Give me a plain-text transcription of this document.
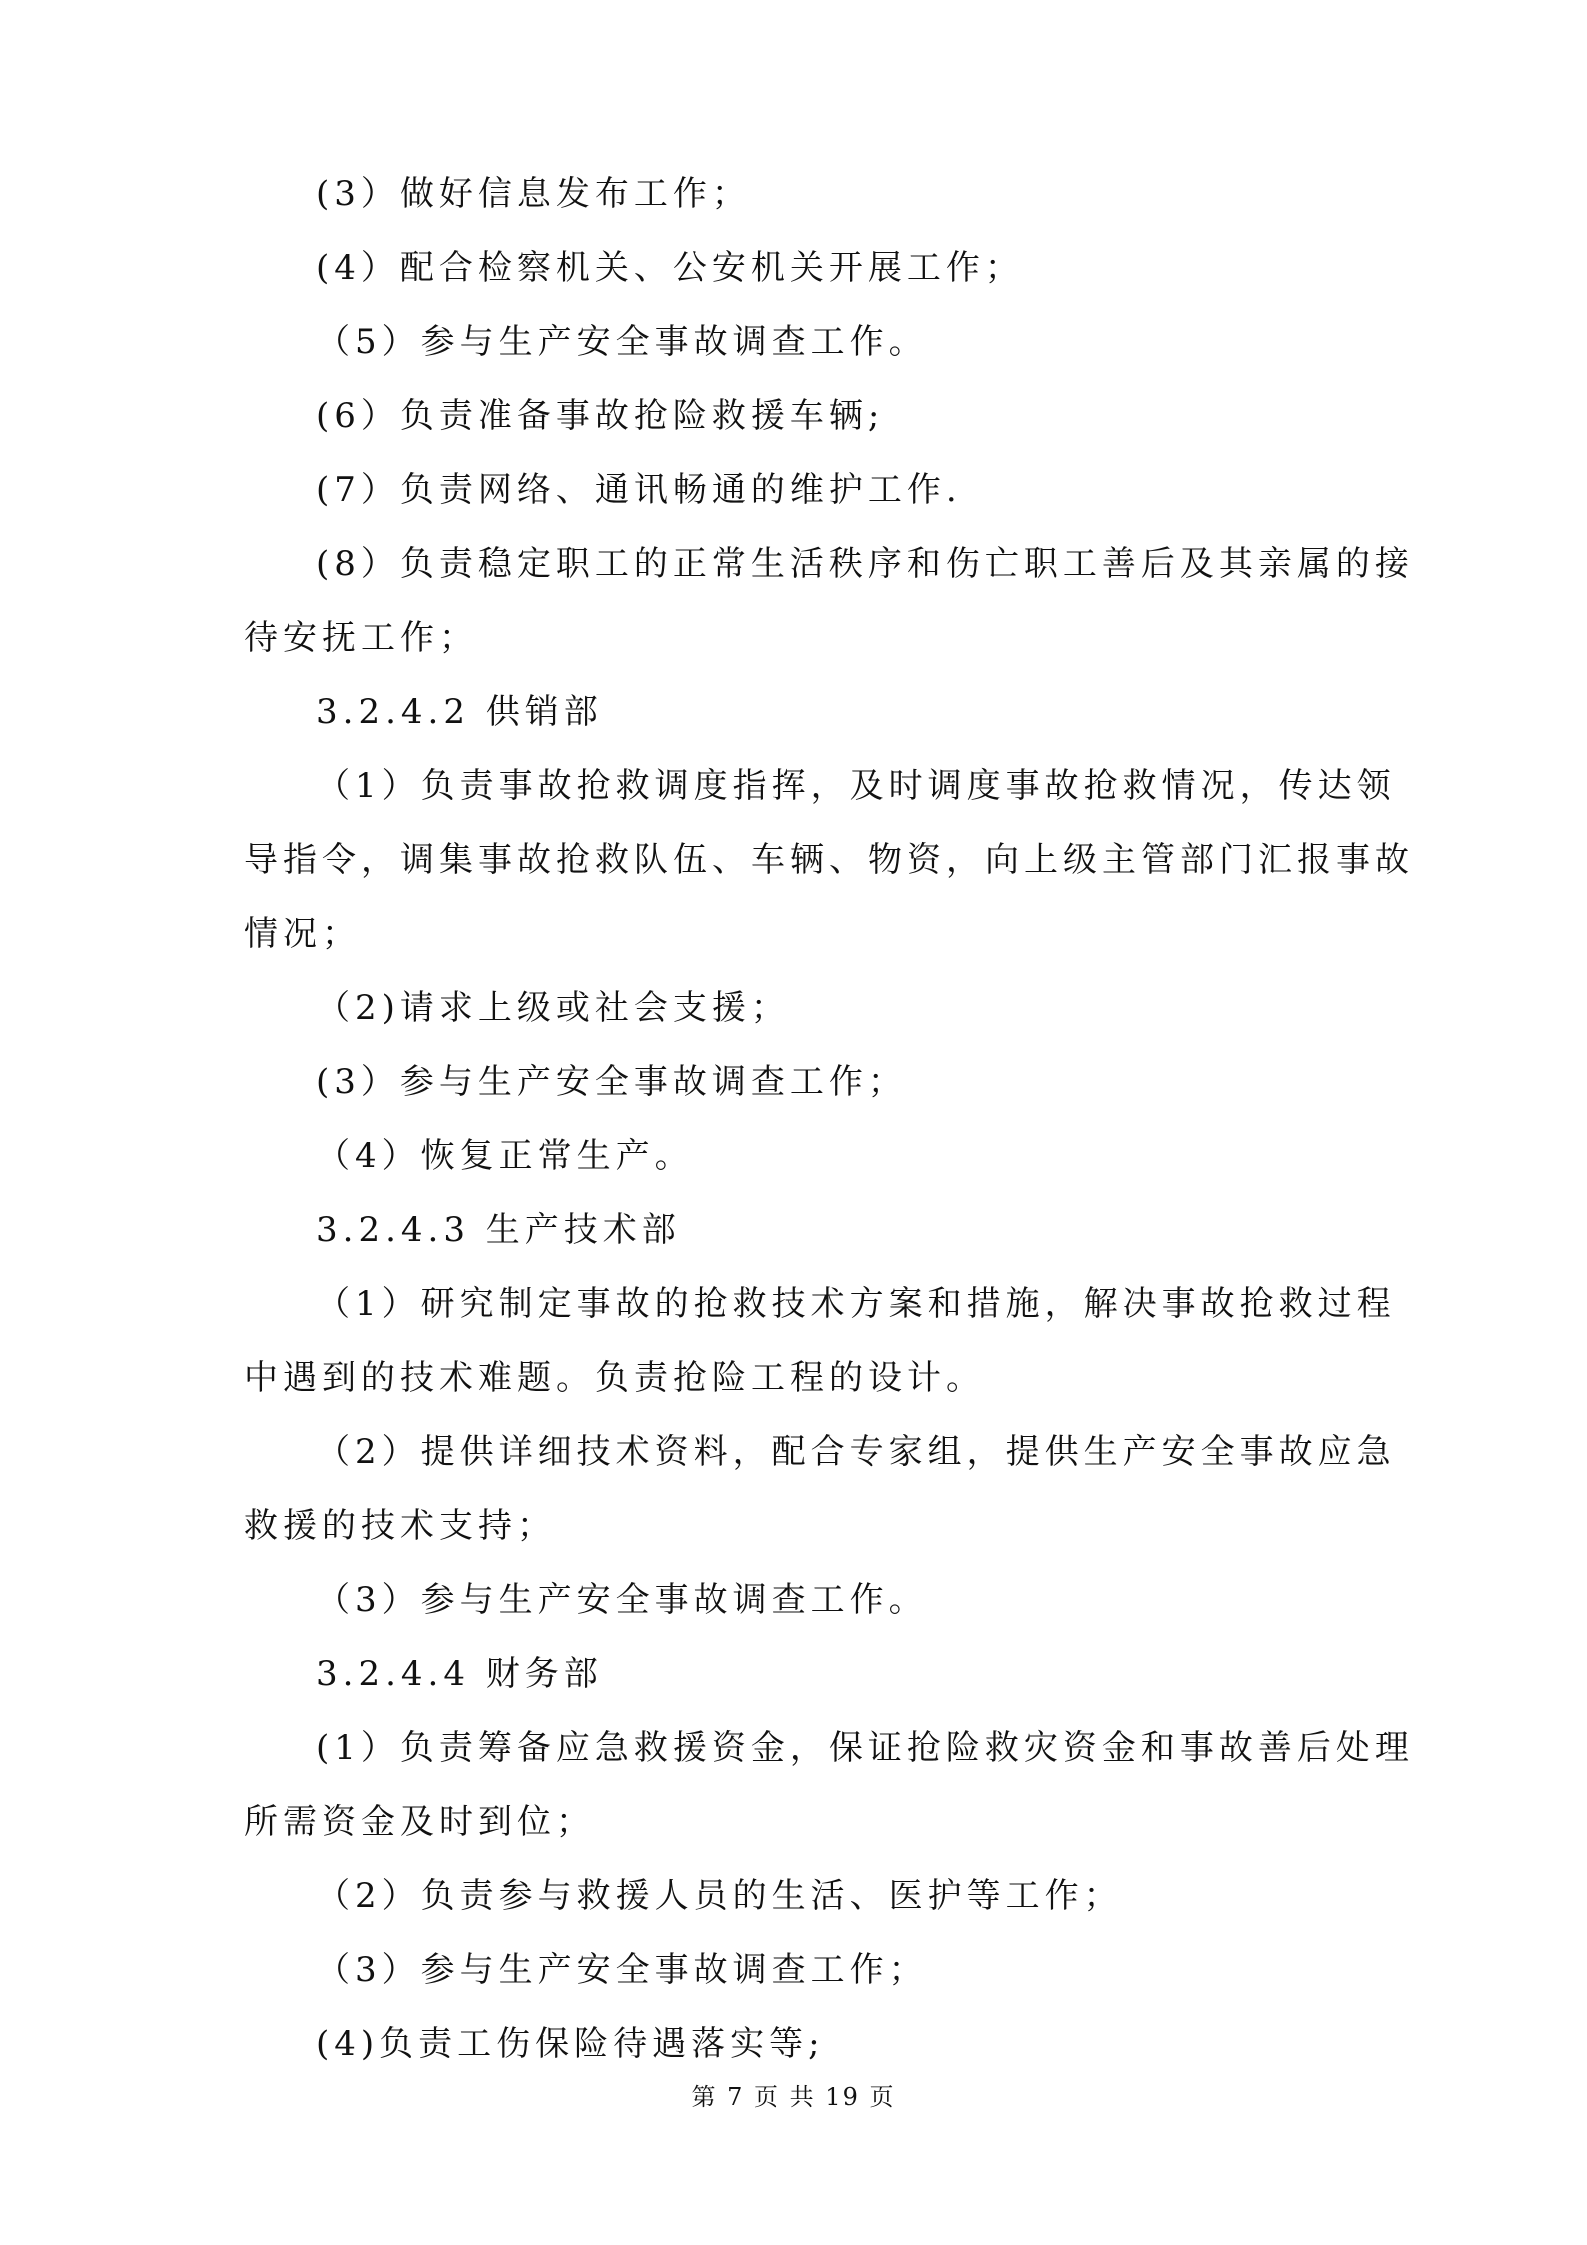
(3）做好信息发布工作；
(4）配合检察机关、公安机关开展工作；
（5）参与生产安全事故调查工作。
(6）负责准备事故抢险救援车辆;
(7）负责网络、通讯畅通的维护工作.
(8）负责稳定职工的正常生活秩序和伤亡职工善后及其亲属的接
待安抚工作；
3.2.4.2 供销部
（1）负责事故抢救调度指挥，及时调度事故抢救情况，传达领
导指令，调集事故抢救队伍、车辆、物资，向上级主管部门汇报事故
情况；
（2)请求上级或社会支援；
(3）参与生产安全事故调查工作；
（4）恢复正常生产。
3.2.4.3 生产技术部
（1）研究制定事故的抢救技术方案和措施，解决事故抢救过程
中遇到的技术难题。负责抢险工程的设计。
（2）提供详细技术资料，配合专家组，提供生产安全事故应急
救援的技术支持；
（3）参与生产安全事故调查工作。
3.2.4.4 财务部
(1）负责筹备应急救援资金，保证抢险救灾资金和事故善后处理
所需资金及时到位；
（2）负责参与救援人员的生活、医护等工作；
（3）参与生产安全事故调查工作；
(4)负责工伤保险待遇落实等;
第 7 页 共 19 页
